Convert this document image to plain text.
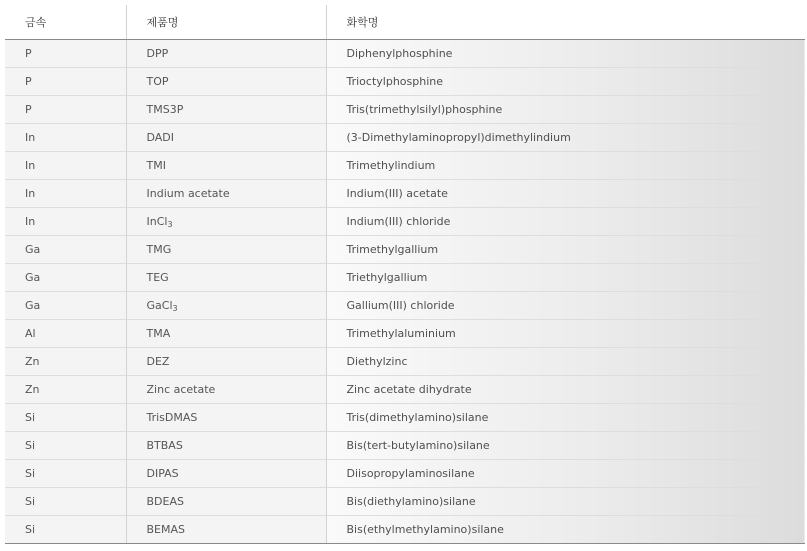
금속	제품명	화학명
P	DPP	Diphenylphosphine
P	TOP	Trioctylphosphine
P	TMS3P	Tris(trimethylsilyl)phosphine
In	DADI	(3-Dimethylaminopropyl)dimethylindium
In	TMI	Trimethylindium
In	Indium acetate	Indium(III) acetate
In	InCl$_3$	Indium(III) chloride
Ga	TMG	Trimethylgallium
Ga	TEG	Triethylgallium
Ga	GaCl$_3$	Gallium(III) chloride
Al	TMA	Trimethylaluminium
Zn	DEZ	Diethylzinc
Zn	Zinc acetate	Zinc acetate dihydrate
Si	TrisDMAS	Tris(dimethylamino)silane
Si	BTBAS	Bis(tert-butylamino)silane
Si	DIPAS	Diisopropylaminosilane
Si	BDEAS	Bis(diethylamino)silane
Si	BEMAS	Bis(ethylmethylamino)silane
